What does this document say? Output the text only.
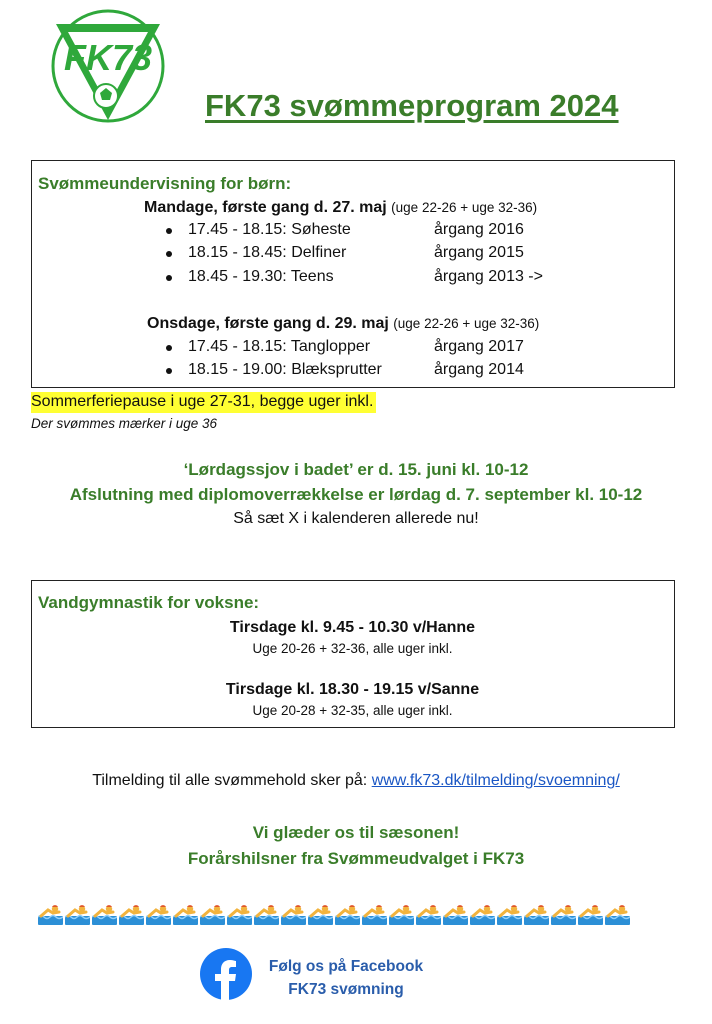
FK73
FK73 svømmeprogram 2024
Svømmeundervisning for børn:
Mandage, første gang d. 27. maj (uge 22-26 + uge 32-36)
17.45 - 18.15: Søheste	årgang 2016
18.15 - 18.45: Delfiner	årgang 2015
18.45 - 19.30: Teens	årgang 2013 ->
Onsdage, første gang d. 29. maj (uge 22-26 + uge 32-36)
17.45 - 18.15: Tanglopper	årgang 2017
18.15 - 19.00: Blæksprutter	årgang 2014
Sommerferiepause i uge 27-31, begge uger inkl.
Der svømmes mærker i uge 36
‘Lørdagssjov i badet’ er d. 15. juni kl. 10-12
Afslutning med diplomoverrækkelse er lørdag d. 7. september kl. 10-12
Så sæt X i kalenderen allerede nu!
Vandgymnastik for voksne:
Tirsdage kl. 9.45 - 10.30 v/Hanne
Uge 20-26 + 32-36, alle uger inkl.
Tirsdage kl. 18.30 - 19.15 v/Sanne
Uge 20-28 + 32-35, alle uger inkl.
Tilmelding til alle svømmehold sker på: www.fk73.dk/tilmelding/svoemning/
Vi glæder os til sæsonen!
Forårshilsner fra Svømmeudvalget i FK73
Følg os på Facebook
FK73 svømning
